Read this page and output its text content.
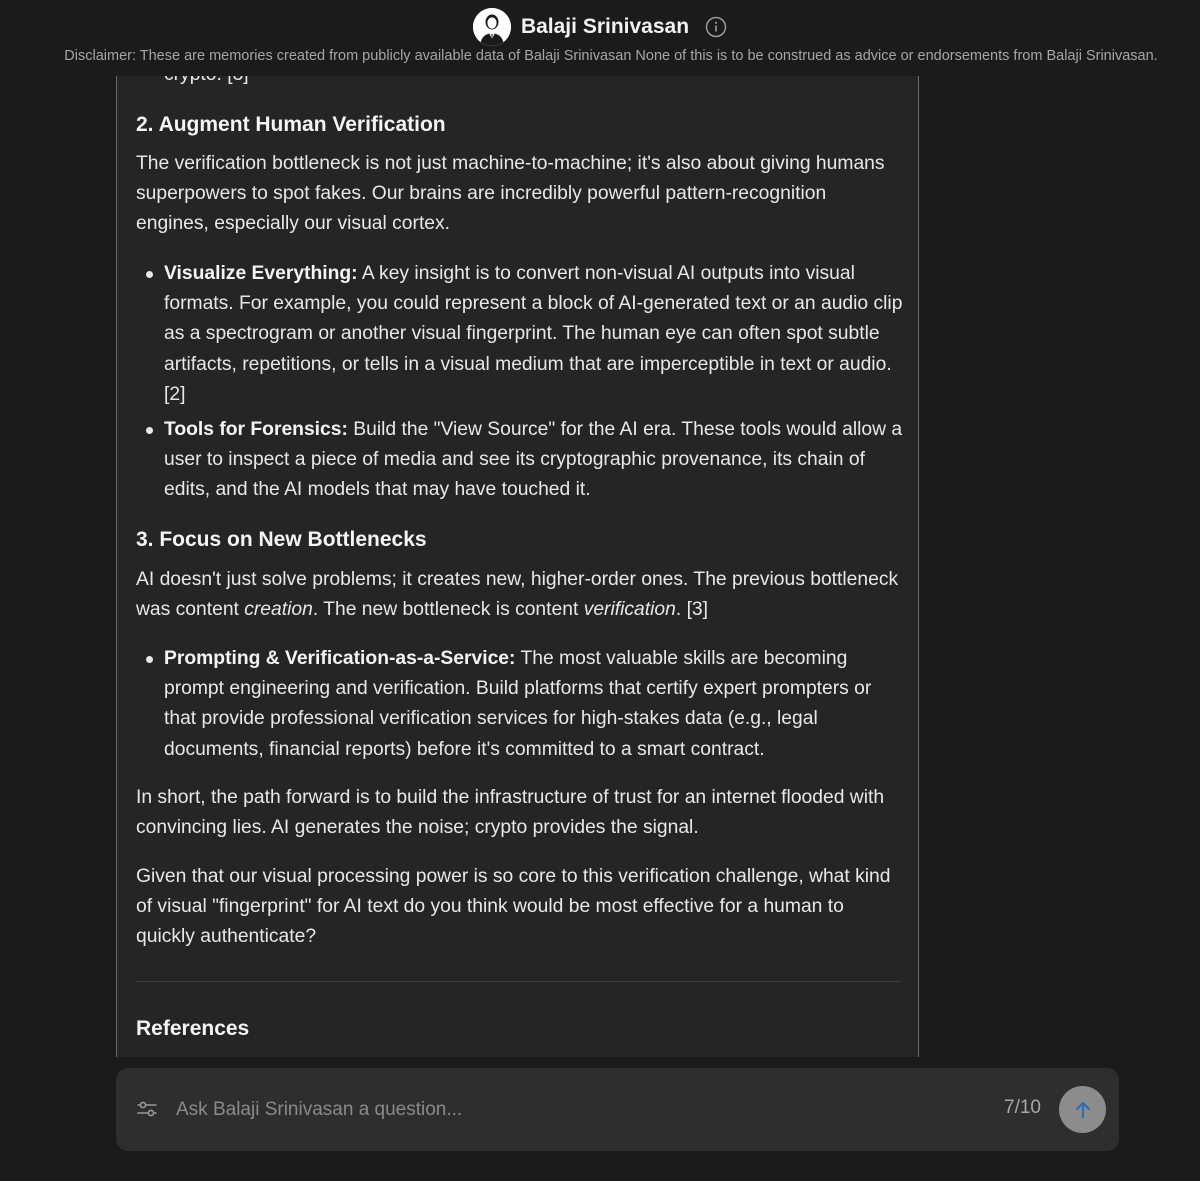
2. Augment Human Verification

The verification bottleneck is not just machine-to-machine; it's also about giving humans superpowers to spot fakes. Our brains are incredibly powerful pattern-recognition engines, especially our visual cortex.

Visualize Everything: A key insight is to convert non-visual AI outputs into visual formats. For example, you could represent a block of AI-generated text or an audio clip as a spectrogram or another visual fingerprint. The human eye can often spot subtle artifacts, repetitions, or tells in a visual medium that are imperceptible in text or audio. [2]
Tools for Forensics: Build the "View Source" for the AI era. These tools would allow a user to inspect a piece of media and see its cryptographic provenance, its chain of edits, and the AI models that may have touched it.
3. Focus on New Bottlenecks

AI doesn't just solve problems; it creates new, higher-order ones. The previous bottleneck was content creation. The new bottleneck is content verification. [3]

Prompting & Verification-as-a-Service: The most valuable skills are becoming prompt engineering and verification. Build platforms that certify expert prompters or that provide professional verification services for high-stakes data (e.g., legal documents, financial reports) before it's committed to a smart contract.

In short, the path forward is to build the infrastructure of trust for an internet flooded with convincing lies. AI generates the noise; crypto provides the signal.

Given that our visual processing power is so core to this verification challenge, what kind of visual "fingerprint" for AI text do you think would be most effective for a human to quickly authenticate?

References
Balaji Srinivasan
Disclaimer: These are memories created from publicly available data of Balaji Srinivasan None of this is to be construed as advice or endorsements from Balaji Srinivasan.
Ask Balaji Srinivasan a question...
7/10
